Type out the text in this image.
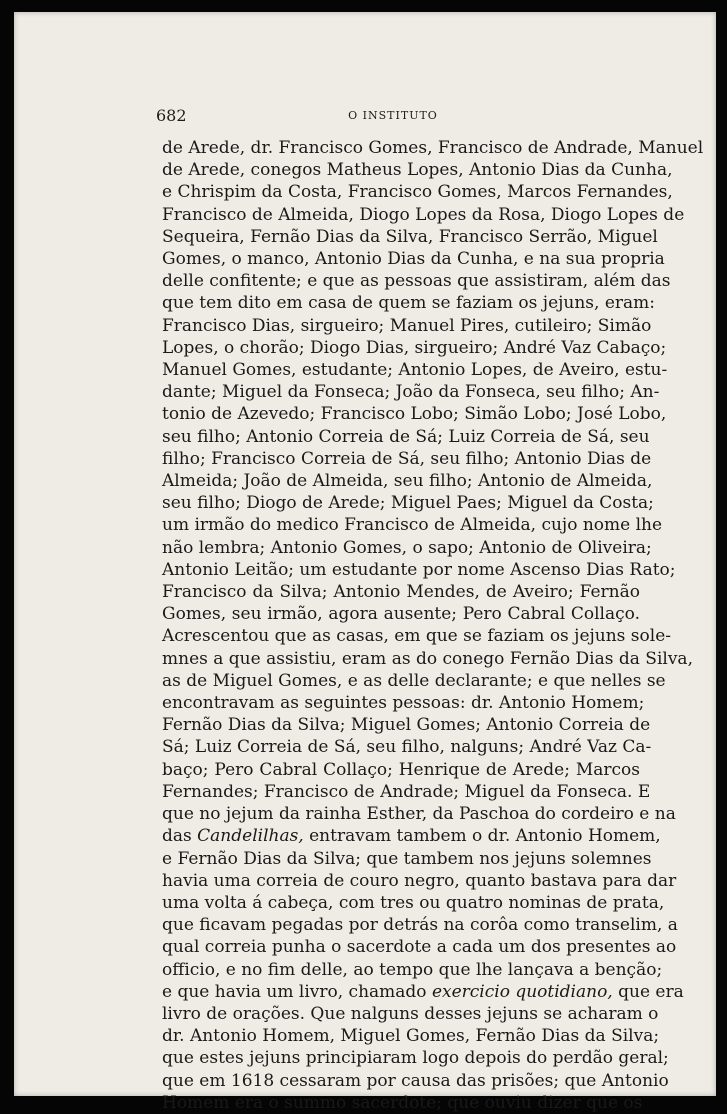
682	O INSTITUTO
de Arede, dr. Francisco Gomes, Francisco de Andrade, Manuel
de Arede, conegos Matheus Lopes, Antonio Dias da Cunha,
e Chrispim da Costa, Francisco Gomes, Marcos Fernandes,
Francisco de Almeida, Diogo Lopes da Rosa, Diogo Lopes de
Sequeira, Fernão Dias da Silva, Francisco Serrão, Miguel
Gomes, o manco, Antonio Dias da Cunha, e na sua propria
delle confitente; e que as pessoas que assistiram, além das
que tem dito em casa de quem se faziam os jejuns, eram:
Francisco Dias, sirgueiro; Manuel Pires, cutileiro; Simão
Lopes, o chorão; Diogo Dias, sirgueiro; André Vaz Cabaço;
Manuel Gomes, estudante; Antonio Lopes, de Aveiro, estu-
dante; Miguel da Fonseca; João da Fonseca, seu filho; An-
tonio de Azevedo; Francisco Lobo; Simão Lobo; José Lobo,
seu filho; Antonio Correia de Sá; Luiz Correia de Sá, seu
filho; Francisco Correia de Sá, seu filho; Antonio Dias de
Almeida; João de Almeida, seu filho; Antonio de Almeida,
seu filho; Diogo de Arede; Miguel Paes; Miguel da Costa;
um irmão do medico Francisco de Almeida, cujo nome lhe
não lembra; Antonio Gomes, o sapo; Antonio de Oliveira;
Antonio Leitão; um estudante por nome Ascenso Dias Rato;
Francisco da Silva; Antonio Mendes, de Aveiro; Fernão
Gomes, seu irmão, agora ausente; Pero Cabral Collaço.
Acrescentou que as casas, em que se faziam os jejuns sole-
mnes a que assistiu, eram as do conego Fernão Dias da Silva,
as de Miguel Gomes, e as delle declarante; e que nelles se
encontravam as seguintes pessoas: dr. Antonio Homem;
Fernão Dias da Silva; Miguel Gomes; Antonio Correia de
Sá; Luiz Correia de Sá, seu filho, nalguns; André Vaz Ca-
baço; Pero Cabral Collaço; Henrique de Arede; Marcos
Fernandes; Francisco de Andrade; Miguel da Fonseca. E
que no jejum da rainha Esther, da Paschoa do cordeiro e na
das Candelilhas, entravam tambem o dr. Antonio Homem,
e Fernão Dias da Silva; que tambem nos jejuns solemnes
havia uma correia de couro negro, quanto bastava para dar
uma volta á cabeça, com tres ou quatro nominas de prata,
que ficavam pegadas por detrás na corôa como transelim, a
qual correia punha o sacerdote a cada um dos presentes ao
officio, e no fim delle, ao tempo que lhe lançava a benção;
e que havia um livro, chamado exercicio quotidiano, que era
livro de orações. Que nalguns desses jejuns se acharam o
dr. Antonio Homem, Miguel Gomes, Fernão Dias da Silva;
que estes jejuns principiaram logo depois do perdão geral;
que em 1618 cessaram por causa das prisões; que Antonio
Homem era o summo sacerdote; que ouviu dizer que os
